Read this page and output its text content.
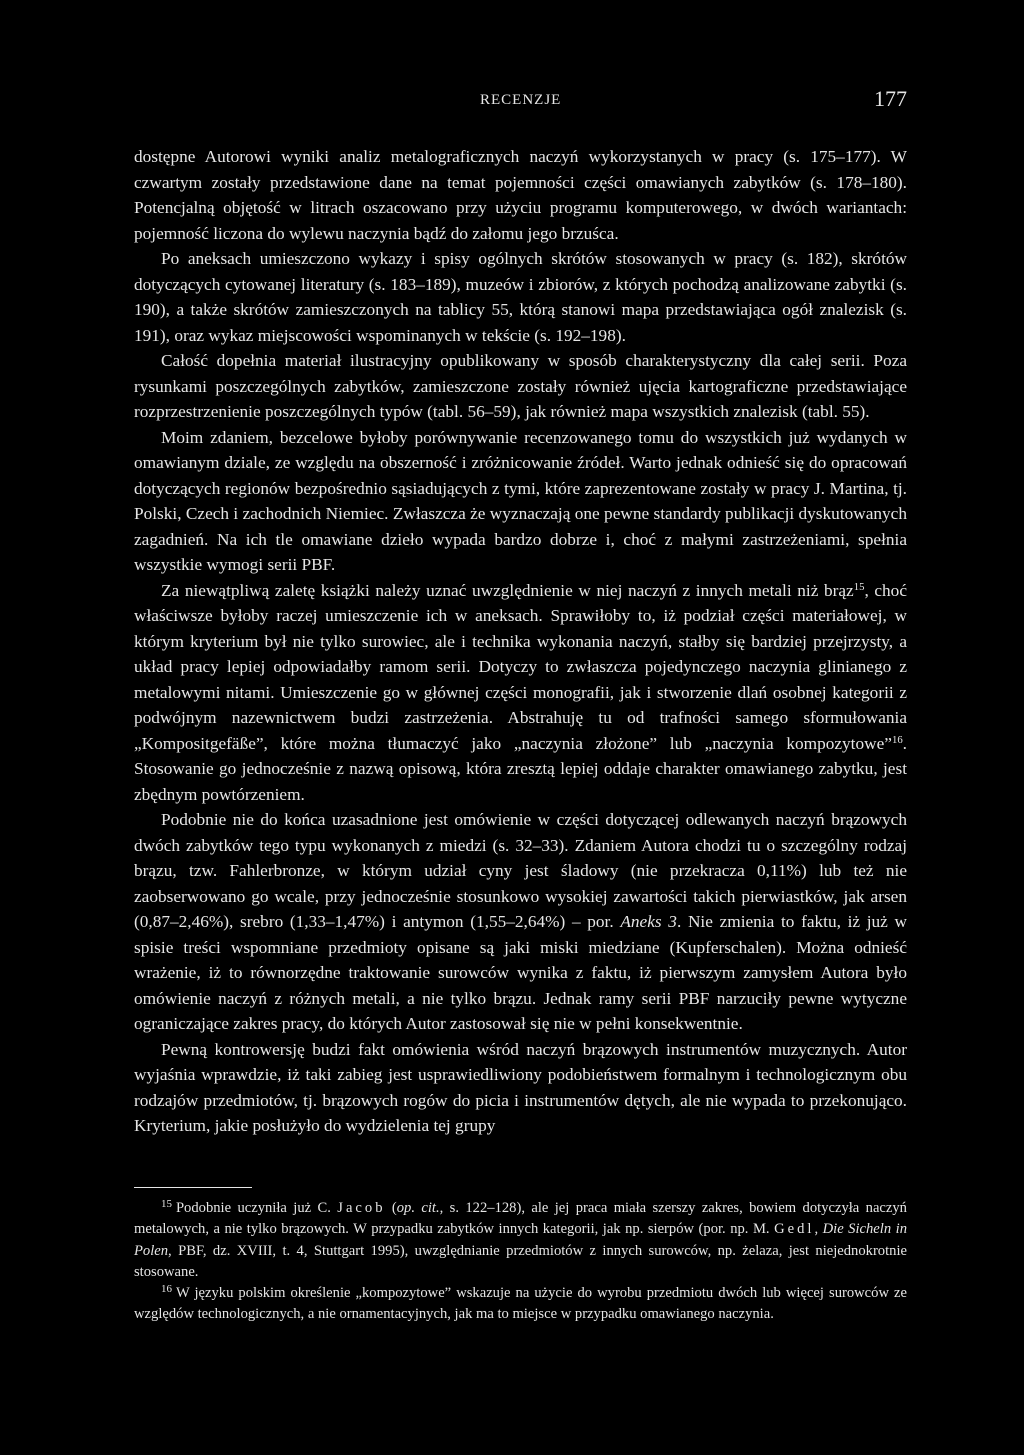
RECENZJE	177

dostępne Autorowi wyniki analiz metalograficznych naczyń wykorzystanych w pracy (s. 175–177). W czwartym zostały przedstawione dane na temat pojemności części omawianych zabytków (s. 178–180). Potencjalną objętość w litrach oszacowano przy użyciu programu komputerowego, w dwóch wariantach: pojemność liczona do wylewu naczynia bądź do załomu jego brzuśca.

Po aneksach umieszczono wykazy i spisy ogólnych skrótów stosowanych w pracy (s. 182), skrótów dotyczących cytowanej literatury (s. 183–189), muzeów i zbiorów, z których pochodzą analizowane zabytki (s. 190), a także skrótów zamieszczonych na tablicy 55, którą stanowi mapa przedstawiająca ogół znalezisk (s. 191), oraz wykaz miejscowości wspominanych w tekście (s. 192–198).

Całość dopełnia materiał ilustracyjny opublikowany w sposób charakterystyczny dla całej serii. Poza rysunkami poszczególnych zabytków, zamieszczone zostały również ujęcia kartograficzne przedstawiające rozprzestrzenienie poszczególnych typów (tabl. 56–59), jak również mapa wszystkich znalezisk (tabl. 55).

Moim zdaniem, bezcelowe byłoby porównywanie recenzowanego tomu do wszystkich już wydanych w omawianym dziale, ze względu na obszerność i zróżnicowanie źródeł. Warto jednak odnieść się do opracowań dotyczących regionów bezpośrednio sąsiadujących z tymi, które zaprezentowane zostały w pracy J. Martina, tj. Polski, Czech i zachodnich Niemiec. Zwłaszcza że wyznaczają one pewne standardy publikacji dyskutowanych zagadnień. Na ich tle omawiane dzieło wypada bardzo dobrze i, choć z małymi zastrzeżeniami, spełnia wszystkie wymogi serii PBF.

Za niewątpliwą zaletę książki należy uznać uwzględnienie w niej naczyń z innych metali niż brąz$^{15}$, choć właściwsze byłoby raczej umieszczenie ich w aneksach. Sprawiłoby to, iż podział części materiałowej, w którym kryterium był nie tylko surowiec, ale i technika wykonania naczyń, stałby się bardziej przejrzysty, a układ pracy lepiej odpowiadałby ramom serii. Dotyczy to zwłaszcza pojedynczego naczynia glinianego z metalowymi nitami. Umieszczenie go w głównej części monografii, jak i stworzenie dlań osobnej kategorii z podwójnym nazewnictwem budzi zastrzeżenia. Abstrahuję tu od trafności samego sformułowania „Kompositgefäße”, które można tłumaczyć jako „naczynia złożone” lub „naczynia kompozytowe”$^{16}$. Stosowanie go jednocześnie z nazwą opisową, która zresztą lepiej oddaje charakter omawianego zabytku, jest zbędnym powtórzeniem.

Podobnie nie do końca uzasadnione jest omówienie w części dotyczącej odlewanych naczyń brązowych dwóch zabytków tego typu wykonanych z miedzi (s. 32–33). Zdaniem Autora chodzi tu o szczególny rodzaj brązu, tzw. Fahlerbronze, w którym udział cyny jest śladowy (nie przekracza 0,11%) lub też nie zaobserwowano go wcale, przy jednocześnie stosunkowo wysokiej zawartości takich pierwiastków, jak arsen (0,87–2,46%), srebro (1,33–1,47%) i antymon (1,55–2,64%) – por. Aneks 3. Nie zmienia to faktu, iż już w spisie treści wspomniane przedmioty opisane są jaki miski miedziane (Kupferschalen). Można odnieść wrażenie, iż to równorzędne traktowanie surowców wynika z faktu, iż pierwszym zamysłem Autora było omówienie naczyń z różnych metali, a nie tylko brązu. Jednak ramy serii PBF narzuciły pewne wytyczne ograniczające zakres pracy, do których Autor zastosował się nie w pełni konsekwentnie.

Pewną kontrowersję budzi fakt omówienia wśród naczyń brązowych instrumentów muzycznych. Autor wyjaśnia wprawdzie, iż taki zabieg jest usprawiedliwiony podobieństwem formalnym i technologicznym obu rodzajów przedmiotów, tj. brązowych rogów do picia i instrumentów dętych, ale nie wypada to przekonująco. Kryterium, jakie posłużyło do wydzielenia tej grupy

$^{15}$ Podobnie uczyniła już C. Jacob (op. cit., s. 122–128), ale jej praca miała szerszy zakres, bowiem dotyczyła naczyń metalowych, a nie tylko brązowych. W przypadku zabytków innych kategorii, jak np. sierpów (por. np. M. Gedl, Die Sicheln in Polen, PBF, dz. XVIII, t. 4, Stuttgart 1995), uwzględnianie przedmiotów z innych surowców, np. żelaza, jest niejednokrotnie stosowane.

$^{16}$ W języku polskim określenie „kompozytowe” wskazuje na użycie do wyrobu przedmiotu dwóch lub więcej surowców ze względów technologicznych, a nie ornamentacyjnych, jak ma to miejsce w przypadku omawianego naczynia.
